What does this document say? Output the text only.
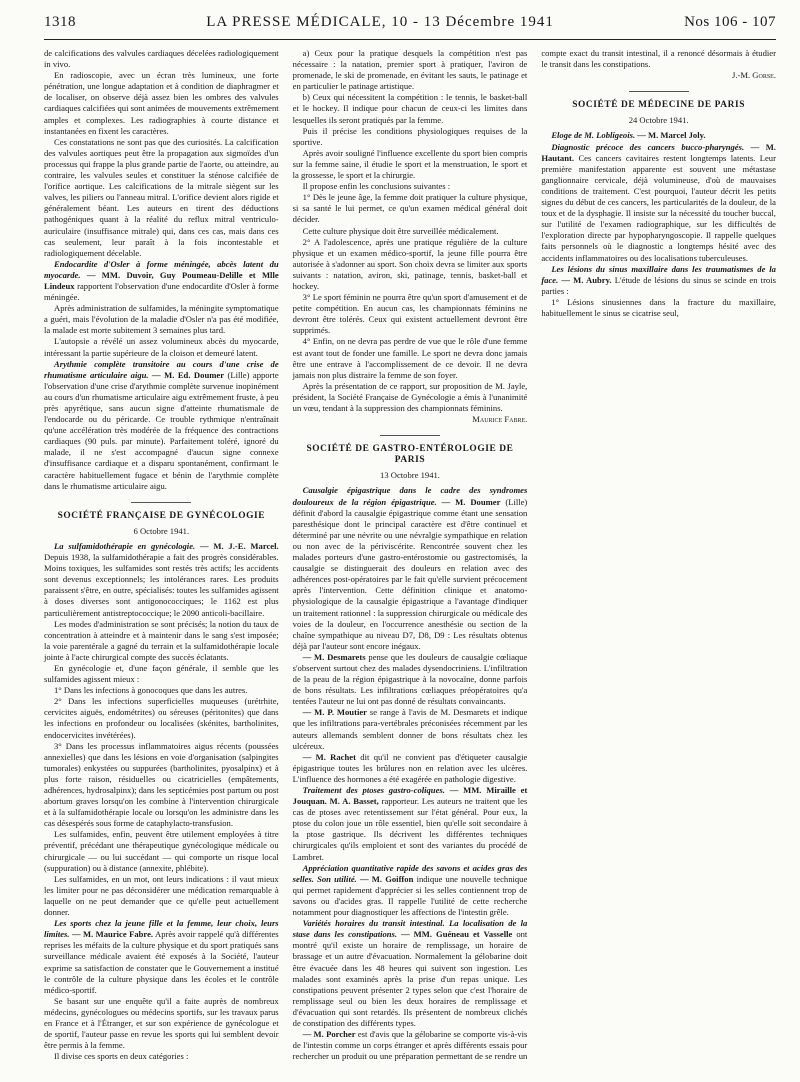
1318	LA PRESSE MÉDICALE, 10 - 13 Décembre 1941	Nos 106 - 107

de calcifications des valvules cardiaques décelées radiologiquement in vivo.

En radioscopie, avec un écran très lumineux, une forte pénétration, une longue adaptation et à condition de diaphragmer et de localiser, on observe déjà assez bien les ombres des valvules cardiaques calcifiées qui sont animées de mouvements extrêmement amples et complexes. Les radiographies à courte distance et instantanées en fixent les caractères.

Ces constatations ne sont pas que des curiosités. La calcification des valvules aortiques peut être la propagation aux sigmoïdes d'un processus qui frappe la plus grande partie de l'aorte, ou atteindre, au contraire, les valvules seules et constituer la sténose calcifiée de l'orifice aortique. Les calcifications de la mitrale siègent sur les valves, les piliers ou l'anneau mitral. L'orifice devient alors rigide et généralement béant. Les auteurs en tirent des déductions pathogéniques quant à la réalité du reflux mitral ventriculo-auriculaire (insuffisance mitrale) qui, dans ces cas, mais dans ces cas seulement, leur paraît à la fois incontestable et radiologiquement décelable.

Endocardite d'Osler à forme méningée, abcès latent du myocarde. — MM. Duvoir, Guy Poumeau-Delille et Mlle Lindeux rapportent l'observation d'une endocardite d'Osler à forme méningée.

Après administration de sulfamides, la méningite symptomatique a guéri, mais l'évolution de la maladie d'Osler n'a pas été modifiée, la malade est morte subitement 3 semaines plus tard.

L'autopsie a révélé un assez volumineux abcès du myocarde, intéressant la partie supérieure de la cloison et demeuré latent.

Arythmie complète transitoire au cours d'une crise de rhumatisme articulaire aigu. — M. Ed. Doumer (Lille) apporte l'observation d'une crise d'arythmie complète survenue inopinément au cours d'un rhumatisme articulaire aigu extrêmement fruste, à peu près apyrétique, sans aucun signe d'atteinte rhumatismale de l'endocarde ou du péricarde. Ce trouble rythmique n'entraînait qu'une accélération très modérée de la fréquence des contractions cardiaques (90 puls. par minute). Parfaitement toléré, ignoré du malade, il ne s'est accompagné d'aucun signe connexe d'insuffisance cardiaque et a disparu spontanément, confirmant le caractère habituellement fugace et bénin de l'arythmie complète dans le rhumatisme articulaire aigu.

SOCIÉTÉ FRANÇAISE DE GYNÉCOLOGIE
6 Octobre 1941.

La sulfamidothérapie en gynécologie. — M. J.-E. Marcel. Depuis 1938, la sulfamidothérapie a fait des progrès considérables. Moins toxiques, les sulfamides sont restés très actifs; les accidents sont devenus exceptionnels; les intolérances rares. Les produits paraissent s'être, en outre, spécialisés: toutes les sulfamides agissent à doses diverses sont antigonococciques; le 1162 est plus particulièrement antistreptococcique; le 2090 anticoli-bacillaire.

Les modes d'administration se sont précisés; la notion du taux de concentration à atteindre et à maintenir dans le sang s'est imposée; la voie parentérale a gagné du terrain et la sulfamidothérapie locale jointe à l'acte chirurgical compte des succès éclatants.

En gynécologie et, d'une façon générale, il semble que les sulfamides agissent mieux :

1° Dans les infections à gonocoques que dans les autres.

2° Dans les infections superficielles muqueuses (urétrhite, cervicites aiguës, endométrites) ou séreuses (péritonites) que dans les infections en profondeur ou localisées (skénites, bartholinites, endocervicites invétérées).

3° Dans les processus inflammatoires aigus récents (poussées annexielles) que dans les lésions en voie d'organisation (salpingites tumorales) enkystées ou suppurées (bartholinites, pyosalpinx) et à plus forte raison, résiduelles ou cicatricielles (empâtements, adhérences, hydrosalpinx); dans les septicémies post partum ou post abortum graves lorsqu'on les combine à l'intervention chirurgicale et à la sulfamidothérapie locale ou lorsqu'on les administre dans les cas désespérés sous forme de cataphylacto-transfusion.

Les sulfamides, enfin, peuvent être utilement employées à titre préventif, précédant une thérapeutique gynécologique médicale ou chirurgicale — ou lui succédant — qui comporte un risque local (suppuration) ou à distance (annexite, phlébite).

Les sulfamides, en un mot, ont leurs indications : il vaut mieux les limiter pour ne pas déconsidérer une médication remarquable à laquelle on ne peut demander que ce qu'elle peut actuellement donner.

Les sports chez la jeune fille et la femme, leur choix, leurs limites. — M. Maurice Fabre. Après avoir rappelé qu'à différentes reprises les méfaits de la culture physique et du sport pratiqués sans surveillance médicale avaient été exposés à la Société, l'auteur exprime sa satisfaction de constater que le Gouvernement a institué le contrôle de la culture physique dans les écoles et le contrôle médico-sportif.

Se basant sur une enquête qu'il a faite auprès de nombreux médecins, gynécologues ou médecins sportifs, sur les travaux parus en France et à l'Étranger, et sur son expérience de gynécologue et de sportif, l'auteur passe en revue les sports qui lui semblent devoir être permis à la femme.

Il divise ces sports en deux catégories :

a) Ceux pour la pratique desquels la compétition n'est pas nécessaire : la natation, premier sport à pratiquer, l'aviron de promenade, le ski de promenade, en évitant les sauts, le patinage et en particulier le patinage artistique.

b) Ceux qui nécessitent la compétition : le tennis, le basket-ball et le hockey. Il indique pour chacun de ceux-ci les limites dans lesquelles ils seront pratiqués par la femme.

Puis il précise les conditions physiologiques requises de la sportive.

Après avoir souligné l'influence excellente du sport bien compris sur la femme saine, il étudie le sport et la menstruation, le sport et la grossesse, le sport et la chirurgie.

Il propose enfin les conclusions suivantes :

1° Dès le jeune âge, la femme doit pratiquer la culture physique, si sa santé le lui permet, ce qu'un examen médical général doit décider.

Cette culture physique doit être surveillée médicalement.

2° A l'adolescence, après une pratique régulière de la culture physique et un examen médico-sportif, la jeune fille pourra être autorisée à s'adonner au sport. Son choix devra se limiter aux sports suivants : natation, aviron, ski, patinage, tennis, basket-ball et hockey.

3° Le sport féminin ne pourra être qu'un sport d'amusement et de petite compétition. En aucun cas, les championnats féminins ne devront être tolérés. Ceux qui existent actuellement devront être supprimés.

4° Enfin, on ne devra pas perdre de vue que le rôle d'une femme est avant tout de fonder une famille. Le sport ne devra donc jamais être une entrave à l'accomplissement de ce devoir. Il ne devra jamais non plus distraire la femme de son foyer.

Après la présentation de ce rapport, sur proposition de M. Jayle, président, la Société Française de Gynécologie a émis à l'unanimité un vœu, tendant à la suppression des championnats féminins.

Maurice Fabre.

SOCIÉTÉ DE GASTRO-ENTÉROLOGIE DE PARIS
13 Octobre 1941.

Causalgie épigastrique dans le cadre des syndromes douloureux de la région épigastrique. — M. Doumer (Lille) définit d'abord la causalgie épigastrique comme étant une sensation paresthésique dont le principal caractère est d'être continuel et déterminé par une névrite ou une névralgie sympathique en relation ou non avec de la périviscérite. Rencontrée souvent chez les malades porteurs d'une gastro-entérostomie ou gastrectomisés, la causalgie se distinguerait des douleurs en relation avec des adhérences post-opératoires par le fait qu'elle survient précocement après l'intervention. Cette définition clinique et anatomo-physiologique de la causalgie épigastrique a l'avantage d'indiquer un traitement rationnel : la suppression chirurgicale ou médicale des voies de la douleur, en l'occurrence anesthésie ou section de la chaîne sympathique au niveau D7, D8, D9 : Les résultats obtenus déjà par l'auteur sont encore inégaux.

— M. Desmarets pense que les douleurs de causalgie cœliaque s'observent surtout chez des malades dysendocriniens. L'infiltration de la peau de la région épigastrique à la novocaïne, donne parfois de bons résultats. Les infiltrations cœliaques préopératoires qu'a tentées l'auteur ne lui ont pas donné de résultats convaincants.

— M. P. Moutier se range à l'avis de M. Desmarets et indique que les infiltrations para-vertébrales préconisées récemment par les auteurs allemands semblent donner de bons résultats chez les ulcéreux.

— M. Rachet dit qu'il ne convient pas d'étiqueter causalgie épigastrique toutes les brûlures non en relation avec les ulcères. L'influence des hormones a été exagérée en pathologie digestive.

Traitement des ptoses gastro-coliques. — MM. Miraille et Jouquan. M. A. Basset, rapporteur. Les auteurs ne traitent que les cas de ptoses avec retentissement sur l'état général. Pour eux, la ptose du colon joue un rôle essentiel, bien qu'elle soit secondaire à la ptose gastrique. Ils décrivent les différentes techniques chirurgicales qu'ils emploient et sont des variantes du procédé de Lambret.

Appréciation quantitative rapide des savons et acides gras des selles. Son utilité. — M. Goiffon indique une nouvelle technique qui permet rapidement d'apprécier si les selles contiennent trop de savons ou d'acides gras. Il rappelle l'utilité de cette recherche notamment pour diagnostiquer les affections de l'intestin grêle.

Variétés horaires du transit intestinal. La localisation de la stase dans les constipations. — MM. Guéneau et Vasselle ont montré qu'il existe un horaire de remplissage, un horaire de brassage et un autre d'évacuation. Normalement la gélobarine doit être évacuée dans les 48 heures qui suivent son ingestion. Les malades sont examinés après la prise d'un repas unique. Les constipations peuvent présenter 2 types selon que c'est l'horaire de remplissage seul ou bien les deux horaires de remplissage et d'évacuation qui sont retardés. Ils présentent de nombreux clichés de constipation des différents types.

— M. Porcher est d'avis que la gélobarine se comporte vis-à-vis de l'intestin comme un corps étranger et après différents essais pour rechercher un produit ou une préparation permettant de se rendre un compte exact du transit intestinal, il a renoncé désormais à étudier le transit dans les constipations.

J.-M. Gorse.

SOCIÉTÉ DE MÉDECINE DE PARIS
24 Octobre 1941.

Eloge de M. Lobligeois. — M. Marcel Joly.

Diagnostic précoce des cancers bucco-pharyngés. — M. Hautant. Ces cancers cavitaires restent longtemps latents. Leur première manifestation apparente est souvent une métastase ganglionnaire cervicale, déjà volumineuse, d'où de mauvaises conditions de traitement. C'est pourquoi, l'auteur décrit les petits signes du début de ces cancers, les particularités de la douleur, de la toux et de la dysphagie. Il insiste sur la nécessité du toucher buccal, sur l'utilité de l'examen radiographique, sur les difficultés de l'exploration directe par hypopharyngoscopie. Il rappelle quelques faits personnels où le diagnostic a longtemps hésité avec des accidents inflammatoires ou des localisations tuberculeuses.

Les lésions du sinus maxillaire dans les traumatismes de la face. — M. Aubry. L'étude de lésions du sinus se scinde en trois parties :

1° Lésions sinusiennes dans la fracture du maxillaire, habituellement le sinus se cicatrise seul,
